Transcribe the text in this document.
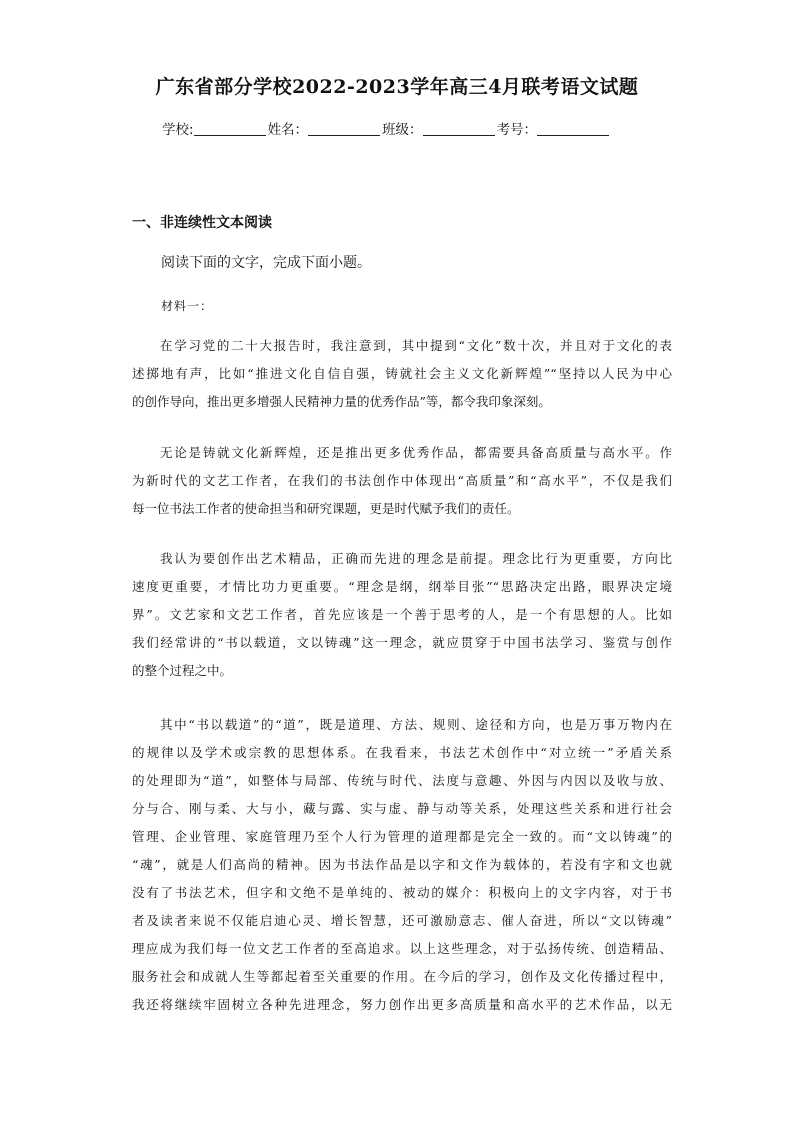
广东省部分学校2022-2023学年高三4月联考语文试题
学校:	姓名：	班级：	考号：
一、非连续性文本阅读
阅读下面的文字，完成下面小题。
材料一：
在学习党的二十大报告时，我注意到，其中提到“文化”数十次，并且对于文化的表
述掷地有声，比如“推进文化自信自强，铸就社会主义文化新辉煌”“坚持以人民为中心
的创作导向，推出更多增强人民精神力量的优秀作品”等，都令我印象深刻。
无论是铸就文化新辉煌，还是推出更多优秀作品，都需要具备高质量与高水平。作
为新时代的文艺工作者，在我们的书法创作中体现出“高质量”和“高水平”，不仅是我们
每一位书法工作者的使命担当和研究课题，更是时代赋予我们的责任。
我认为要创作出艺术精品，正确而先进的理念是前提。理念比行为更重要，方向比
速度更重要，才情比功力更重要。“理念是纲，纲举目张”“思路决定出路，眼界决定境
界”。文艺家和文艺工作者，首先应该是一个善于思考的人，是一个有思想的人。比如
我们经常讲的“书以载道，文以铸魂”这一理念，就应贯穿于中国书法学习、鉴赏与创作
的整个过程之中。
其中“书以载道”的“道”，既是道理、方法、规则、途径和方向，也是万事万物内在
的规律以及学术或宗教的思想体系。在我看来，书法艺术创作中“对立统一”矛盾关系
的处理即为“道”，如整体与局部、传统与时代、法度与意趣、外因与内因以及收与放、
分与合、刚与柔、大与小，藏与露、实与虚、静与动等关系，处理这些关系和进行社会
管理、企业管理、家庭管理乃至个人行为管理的道理都是完全一致的。而“文以铸魂”的
“魂”，就是人们高尚的精神。因为书法作品是以字和文作为载体的，若没有字和文也就
没有了书法艺术，但字和文绝不是单纯的、被动的媒介：积极向上的文字内容，对于书
者及读者来说不仅能启迪心灵、增长智慧，还可激励意志、催人奋进，所以“文以铸魂”
理应成为我们每一位文艺工作者的至高追求。以上这些理念，对于弘扬传统、创造精品、
服务社会和成就人生等都起着至关重要的作用。在今后的学习，创作及文化传播过程中，
我还将继续牢固树立各种先进理念，努力创作出更多高质量和高水平的艺术作品，以无
